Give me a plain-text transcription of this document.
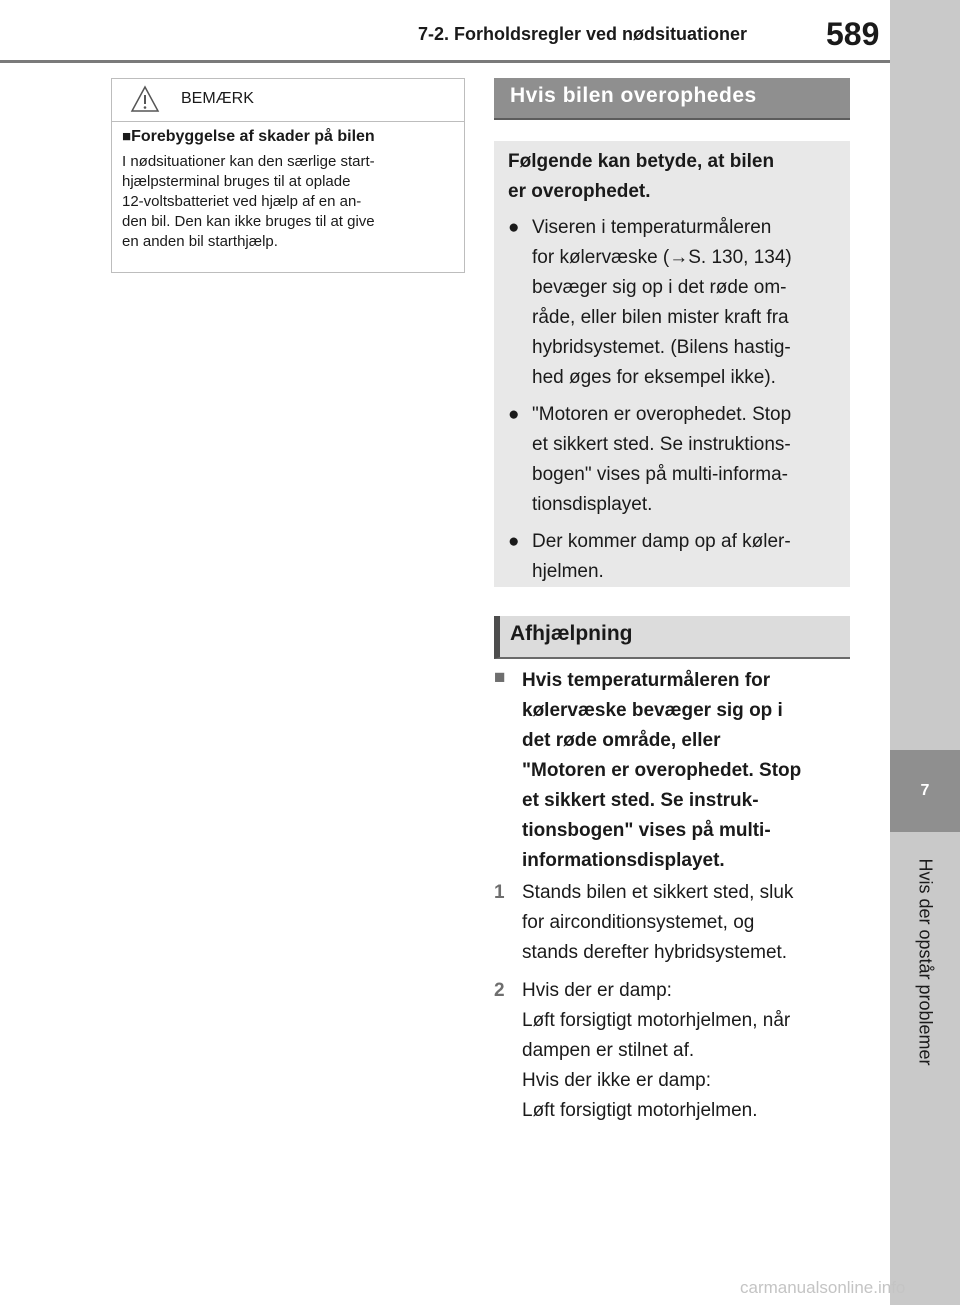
7-2. Forholdsregler ved nødsituationer 589
7
Hvis der opstår problemer
BEMÆRK

■Forebyggelse af skader på bilen

I nødsituationer kan den særlige start-
hjælpsterminal bruges til at oplade
12-voltsbatteriet ved hjælp af en an-
den bil. Den kan ikke bruges til at give
en anden bil starthjælp.

Hvis bilen overophedes

Følgende kan betyde, at bilen
er overophedet.

● Viseren i temperaturmåleren
for kølervæske (→S. 130, 134)
bevæger sig op i det røde om-
råde, eller bilen mister kraft fra
hybridsystemet. (Bilens hastig-
hed øges for eksempel ikke).
● "Motoren er overophedet. Stop
et sikkert sted. Se instruktions-
bogen" vises på multi-informa-
tionsdisplayet.
● Der kommer damp op af køler-
hjelmen.
Afhjælpning
■ Hvis temperaturmåleren for
kølervæske bevæger sig op i
det røde område, eller
"Motoren er overophedet. Stop
et sikkert sted. Se instruk-
tionsbogen" vises på multi-
informationsdisplayet.

1 Stands bilen et sikkert sted, sluk
for airconditionsystemet, og
stands derefter hybridsystemet.

2 Hvis der er damp:
Løft forsigtigt motorhjelmen, når
dampen er stilnet af.
Hvis der ikke er damp:
Løft forsigtigt motorhjelmen.

carmanualsonline.info
